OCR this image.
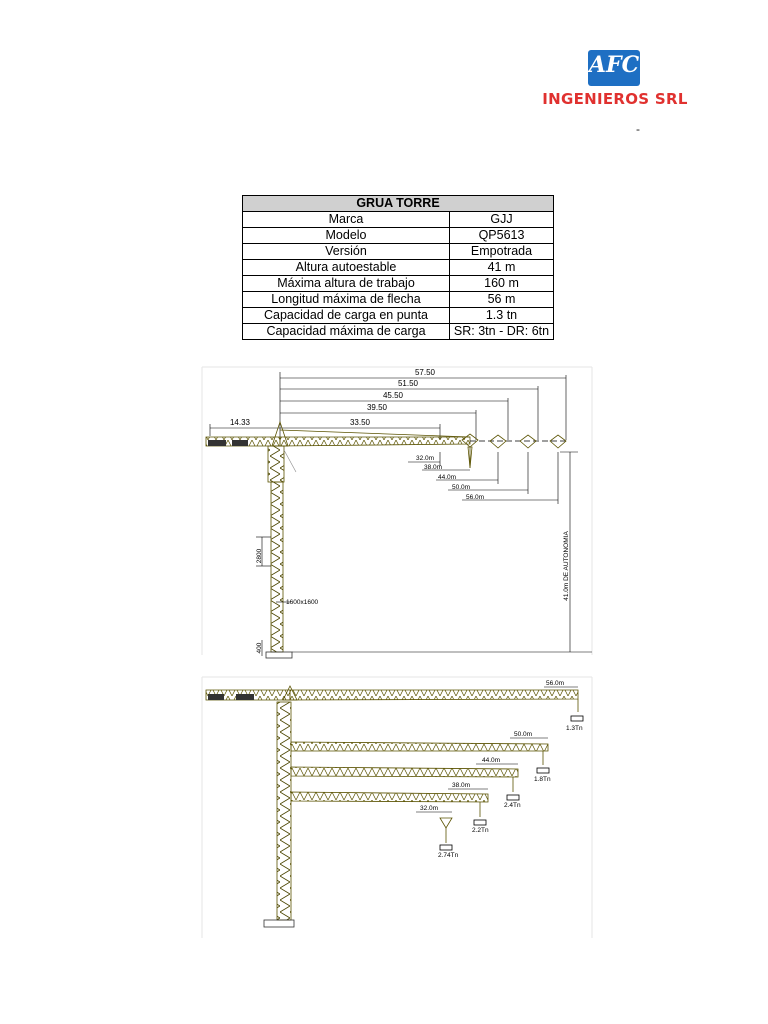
AFC
INGENIEROS SRL
-
GRUA TORRE	
Marca	GJJ
Modelo	QP5613
Versión	Empotrada
Altura autoestable	41 m
Máxima altura de trabajo	160 m
Longitud máxima de flecha	56 m
Capacidad de carga en punta	1.3 tn
Capacidad máxima de carga	SR: 3tn - DR: 6tn
57.50
51.50
45.50
39.50
33.50
14.33
32.0m
38.0m
44.0m
50.0m
56.0m
2800
1600x1600
400
41.0m DE AUTONOMIA
56.0m
1.3Tn
50.0m
1.8Tn
44.0m
2.4Tn
38.0m
2.2Tn
32.0m
2.74Tn
